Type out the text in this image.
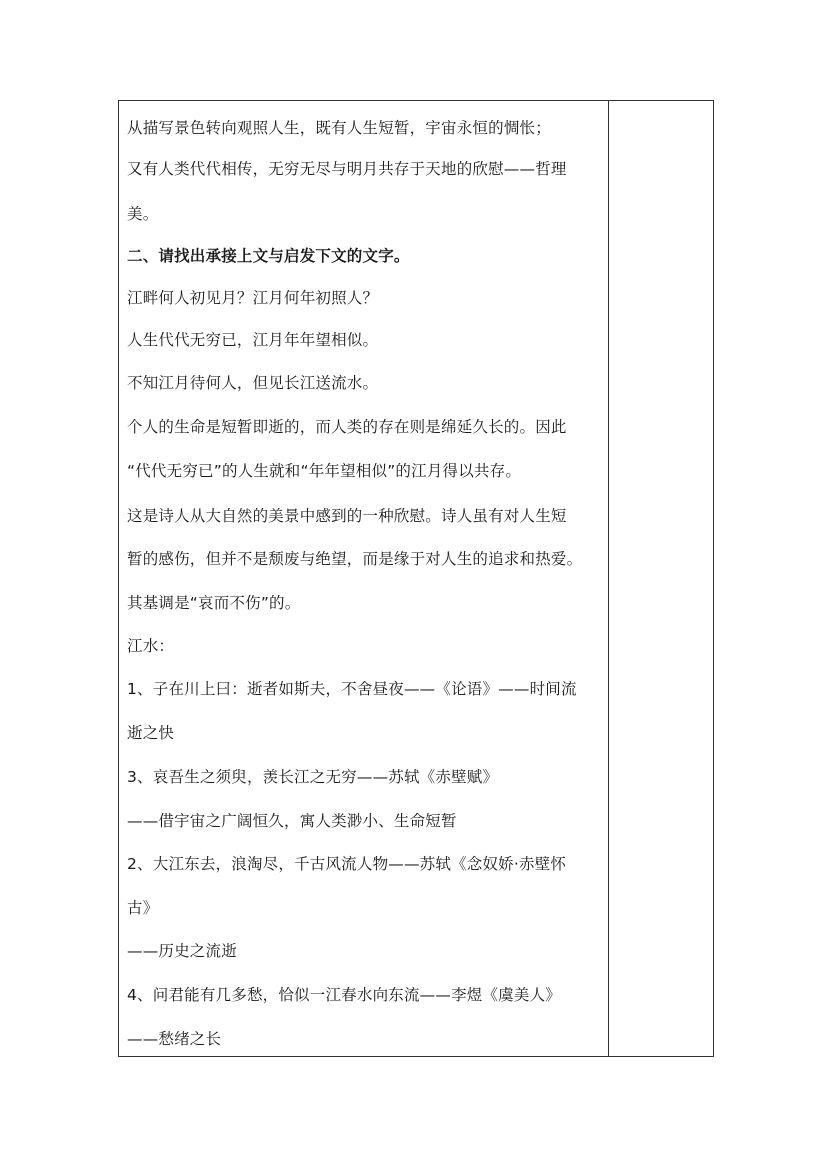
从描写景色转向观照人生，既有人生短暂，宇宙永恒的惆怅；
又有人类代代相传，无穷无尽与明月共存于天地的欣慰——哲理
美。
二、请找出承接上文与启发下文的文字。
江畔何人初见月？江月何年初照人？
人生代代无穷已，江月年年望相似。
不知江月待何人，但见长江送流水。
个人的生命是短暂即逝的，而人类的存在则是绵延久长的。因此
“代代无穷已”的人生就和“年年望相似”的江月得以共存。
这是诗人从大自然的美景中感到的一种欣慰。诗人虽有对人生短
暂的感伤，但并不是颓废与绝望，而是缘于对人生的追求和热爱。
其基调是“哀而不伤”的。
江水：
1、子在川上曰：逝者如斯夫，不舍昼夜——《论语》——时间流
逝之快
3、哀吾生之须臾，羡长江之无穷——苏轼《赤壁赋》
——借宇宙之广阔恒久，寓人类渺小、生命短暂
2、大江东去，浪淘尽，千古风流人物——苏轼《念奴娇·赤壁怀
古》
——历史之流逝
4、问君能有几多愁，恰似一江春水向东流——李煜《虞美人》
——愁绪之长
